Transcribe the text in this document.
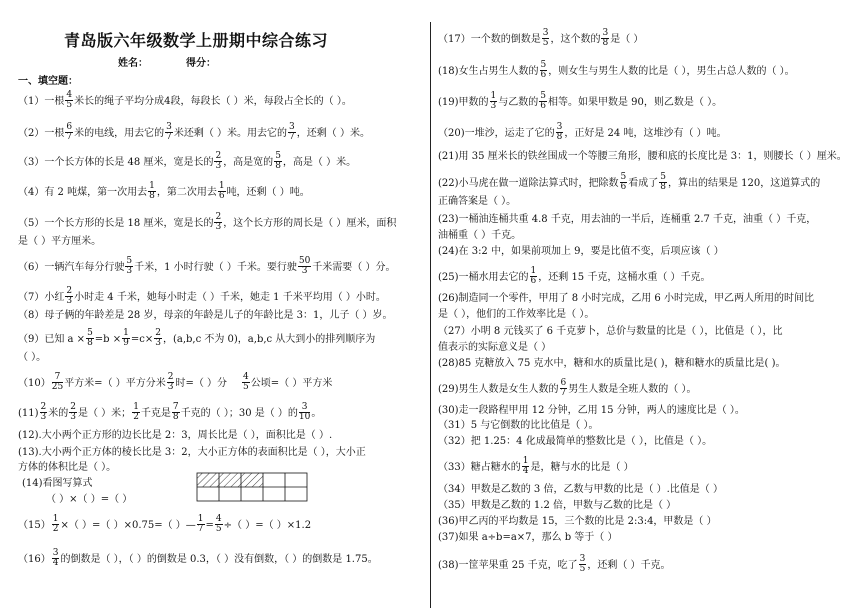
青岛版六年级数学上册期中综合练习
姓名：	得分：
一、填空题：
（1）一根 $\frac{4}{5}$ 米长的绳子平均分成4段，每段长（ ）米，每段占全长的（ ）。
（2）一根 $\frac{6}{7}$ 米的电线，用去它的 $\frac{3}{7}$ 米还剩（ ）米。用去它的 $\frac{3}{7}$ ，还剩（ ）米。
（3）一个长方体的长是 48 厘米，宽是长的 $\frac{2}{3}$ ，高是宽的 $\frac{5}{8}$ ，高是（ ）米。
（4）有 2 吨煤，第一次用去 $\frac{1}{8}$ ，第二次用去 $\frac{1}{6}$ 吨，还剩（ ）吨。
（5）一个长方形的长是 18 厘米，宽是长的 $\frac{2}{3}$ ，这个长方形的周长是（ ）厘米，面积
是（ ）平方厘米。
（6）一辆汽车每分行驶 $\frac{5}{3}$ 千米，1 小时行驶（ ）千米。要行驶 $\frac{50}{3}$ 千米需要（ ）分。
（7）小红 $\frac{2}{3}$ 小时走 4 千米，她每小时走（ ）千米，她走 1 千米平均用（ ）小时。
（8）母子俩的年龄差是 28 岁，母亲的年龄是儿子的年龄比是 3：1，儿子（ ）岁。
（9）已知 $a \times \frac{5}{8} =b \times \frac{1}{9} =c\times \frac{2}{3}$ ，(a,b,c 不为 0)，a,b,c 从大到小的排列顺序为
（ ）。
$(10) \frac{7}{25}$ 平方米=（ ）平方分米 $\frac{2}{3}$ 时=（ ）分 $\frac{4}{5}$ 公顷=（ ）平方米
$(11) \frac{2}{3}$ 米的 $\frac{2}{3}$ 是（ ）米； $\frac{1}{2}$ 千克是 $\frac{7}{8}$ 千克的（ ）；30 是（ ）的 $\frac{3}{10}$ 。
(12).大小两个正方形的边长比是 2：3，周长比是（ ），面积比是（ ）.
(13).大小两个正方体的棱长比是 3：2，大小正方体的表面积比是（ ），大小正
方体的体积比是（ ）。
(14)看图写算式
（ ）×（ ）=（ ）
$(15) \frac{1}{2}$ ×（ ）=（ ）×0.75=（ ）— $\frac{1}{7} = \frac{4}{5}$ ÷（ ）=（ ）×1.2
$(16) \frac{3}{4}$ 的倒数是（ ），（ ）的倒数是 0.3，（ ）没有倒数，（ ）的倒数是 1.75。
（17）一个数的倒数是 $\frac{3}{5}$ ，这个数的 $\frac{3}{8}$ 是（ ）
(18)女生占男生人数的 $\frac{5}{6}$ ，则女生与男生人数的比是（ ），男生占总人数的（ ）。
(19)甲数的 $\frac{1}{3}$ 与乙数的 $\frac{5}{6}$ 相等。如果甲数是 90，则乙数是（ ）。
（20)一堆沙，运走了它的 $\frac{3}{8}$ ，正好是 24 吨，这堆沙有（ ）吨。
(21)用 35 厘米长的铁丝围成一个等腰三角形，腰和底的长度比是 3：1，则腰长（ ）厘米。
(22)小马虎在做一道除法算式时，把除数 $\frac{5}{6}$ 看成了 $\frac{5}{8}$ ，算出的结果是 120，这道算式的
正确答案是（ ）。
(23)一桶油连桶共重 4.8 千克，用去油的一半后，连桶重 2.7 千克，油重（ ）千克，
油桶重（ ）千克。
(24)在 3:2 中，如果前项加上 9，要是比值不变，后项应该（ ）
(25)一桶水用去它的 $\frac{1}{6}$ ，还剩 15 千克，这桶水重（ ）千克。
(26)制造同一个零件，甲用了 8 小时完成，乙用 6 小时完成，甲乙两人所用的时间比
是（ ），他们的工作效率比是（ ）。
（27）小明 8 元钱买了 6 千克萝卜，总价与数量的比是（ ），比值是（ ），比
值表示的实际意义是（ ）
(28)85 克糖放入 75 克水中，糖和水的质量比是( )，糖和糖水的质量比是( )。
(29)男生人数是女生人数的 $\frac{6}{7}$ 男生人数是全班人数的（ ）。
(30)走一段路程甲用 12 分钟，乙用 15 分钟，两人的速度比是（ ）。
（31）5 与它倒数的比比值是（ ）。
（32）把 1.25：4 化成最简单的整数比是（ ），比值是（ ）。
（33）糖占糖水的 $\frac{1}{4}$ 是，糖与水的比是（ ）
（34）甲数是乙数的 3 倍，乙数与甲数的比是（ ）.比值是（ ）
（35）甲数是乙数的 1.2 倍，甲数与乙数的比是（ ）
(36)甲乙丙的平均数是 15，三个数的比是 2:3:4，甲数是（ ）
(37)如果 a÷b=a×7，那么 b 等于（ ）
(38)一筐苹果重 25 千克，吃了 $\frac{3}{5}$ ，还剩（ ）千克。
